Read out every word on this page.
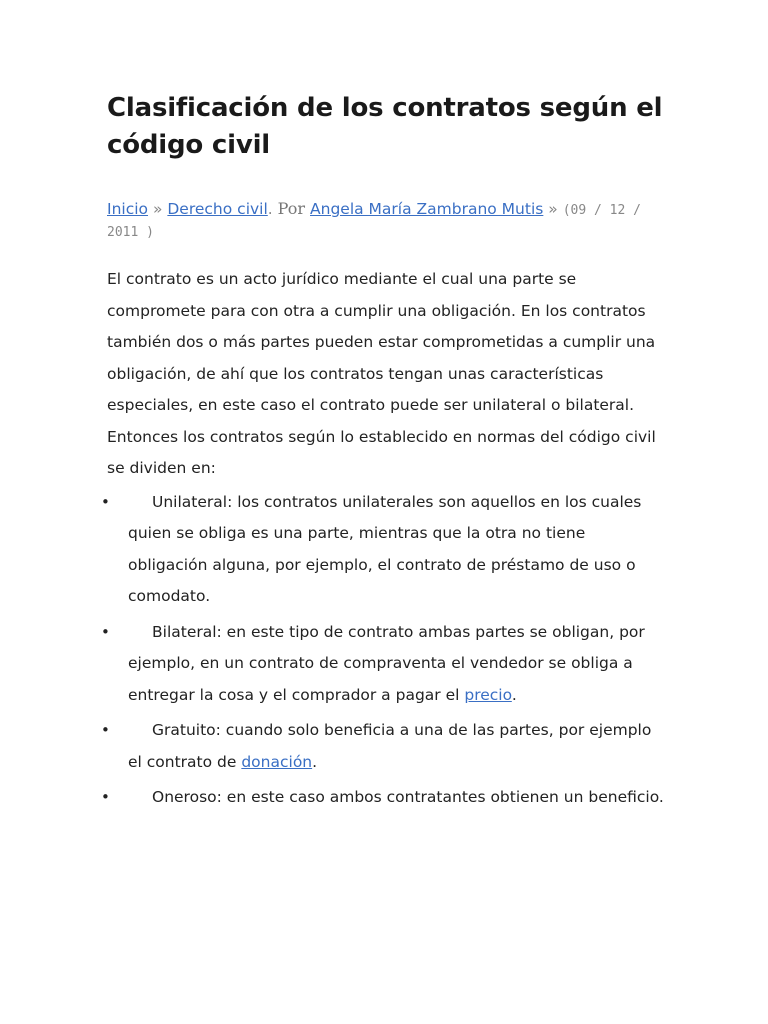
Clasificación de los contratos según el código civil
Inicio » Derecho civil. Por Angela María Zambrano Mutis » (09 / 12 / 2011 )

El contrato es un acto jurídico mediante el cual una parte se compromete para con otra a cumplir una obligación. En los contratos también dos o más partes pueden estar comprometidas a cumplir una obligación, de ahí que los contratos tengan unas características especiales, en este caso el contrato puede ser unilateral o bilateral.

Entonces los contratos según lo establecido en normas del código civil se dividen en:

•	Unilateral: los contratos unilaterales son aquellos en los cuales quien se obliga es una parte, mientras que la otra no tiene obligación alguna, por ejemplo, el contrato de préstamo de uso o comodato.
•	Bilateral: en este tipo de contrato ambas partes se obligan, por ejemplo, en un contrato de compraventa el vendedor se obliga a entregar la cosa y el comprador a pagar el precio.
•	Gratuito: cuando solo beneficia a una de las partes, por ejemplo el contrato de donación.
•	Oneroso: en este caso ambos contratantes obtienen un beneficio.
